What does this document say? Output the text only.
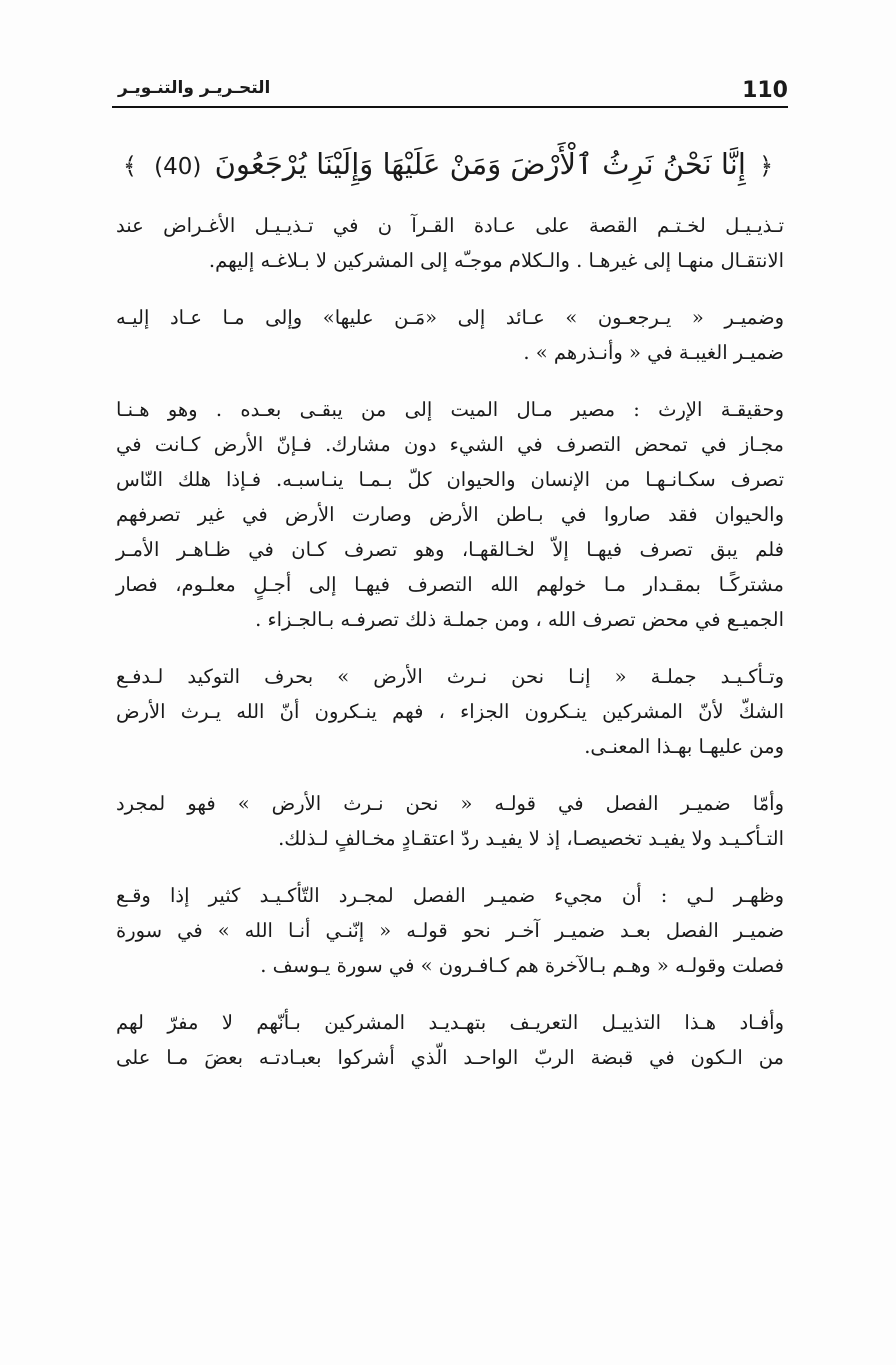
110
التحـريـر والتنـويـر
﴿ إِنَّا نَحْنُ نَرِثُ ٱلْأَرْضَ وَمَنْ عَلَيْهَا وَإِلَيْنَا يُرْجَعُونَ (40) ﴾
تـذيـيـل لخـتـم القصة على عـادة القـرآ ن في تـذيـيـل الأغـراض عند
الانتقـال منهـا إلى غيرهـا . والـكلام موجـّه إلى المشركين لا بـلاغـه إليهم.
وضميـر « يـرجعـون » عـائد إلى «مَـن عليها» وإلى مـا عـاد إليـه
ضميـر الغيبـة في « وأنـذرهم » .
وحقيقـة الإرث : مصير مـال الميت إلى من يبقـى بعـده . وهو هـنـا
مجـاز في تمحض التصرف في الشيء دون مشارك. فـإنّ الأرض كـانت في
تصرف سكـانـهـا من الإنسان والحيوان كلّ بـمـا ينـاسبـه. فـإذا هلك النّاس
والحيوان فقد صاروا في بـاطن الأرض وصارت الأرض في غير تصرفهم
فلم يبق تصرف فيهـا إلاّ لخـالقهـا، وهو تصرف كـان في ظـاهـر الأمـر
مشتركًـا بمقـدار مـا خولهم الله التصرف فيهـا إلى أجـلٍ معلـوم، فصار
الجميـع في محض تصرف الله ، ومن جملـة ذلك تصرفـه بـالجـزاء .
وتـأكـيـد جملـة « إنـا نحن نـرث الأرض » بحرف التوكيد لـدفـع
الشكّ لأنّ المشركين ينـكرون الجزاء ، فهم ينـكرون أنّ الله يـرث الأرض
ومن عليهـا بهـذا المعنـى.
وأمّا ضميـر الفصل في قولـه « نحن نـرث الأرض » فهو لمجرد
التـأكـيـد ولا يفيـد تخصيصـا، إذ لا يفيـد ردّ اعتقـادٍ مخـالفٍ لـذلك.
وظهـر لـي : أن مجيء ضميـر الفصل لمجـرد التّأكـيـد كثير إذا وقـع
ضميـر الفصل بعـد ضميـر آخـر نحو قولـه « إنّنـي أنـا الله » في سورة
فصلت وقولـه « وهـم بـالآخرة هم كـافـرون » في سورة يـوسف .
وأفـاد هـذا التذييـل التعريـف بتهـديـد المشركين بـأنّهم لا مفرّ لهم
من الـكون في قبضة الربّ الواحـد الّذي أشركوا بعبـادتـه بعضَ مـا على
